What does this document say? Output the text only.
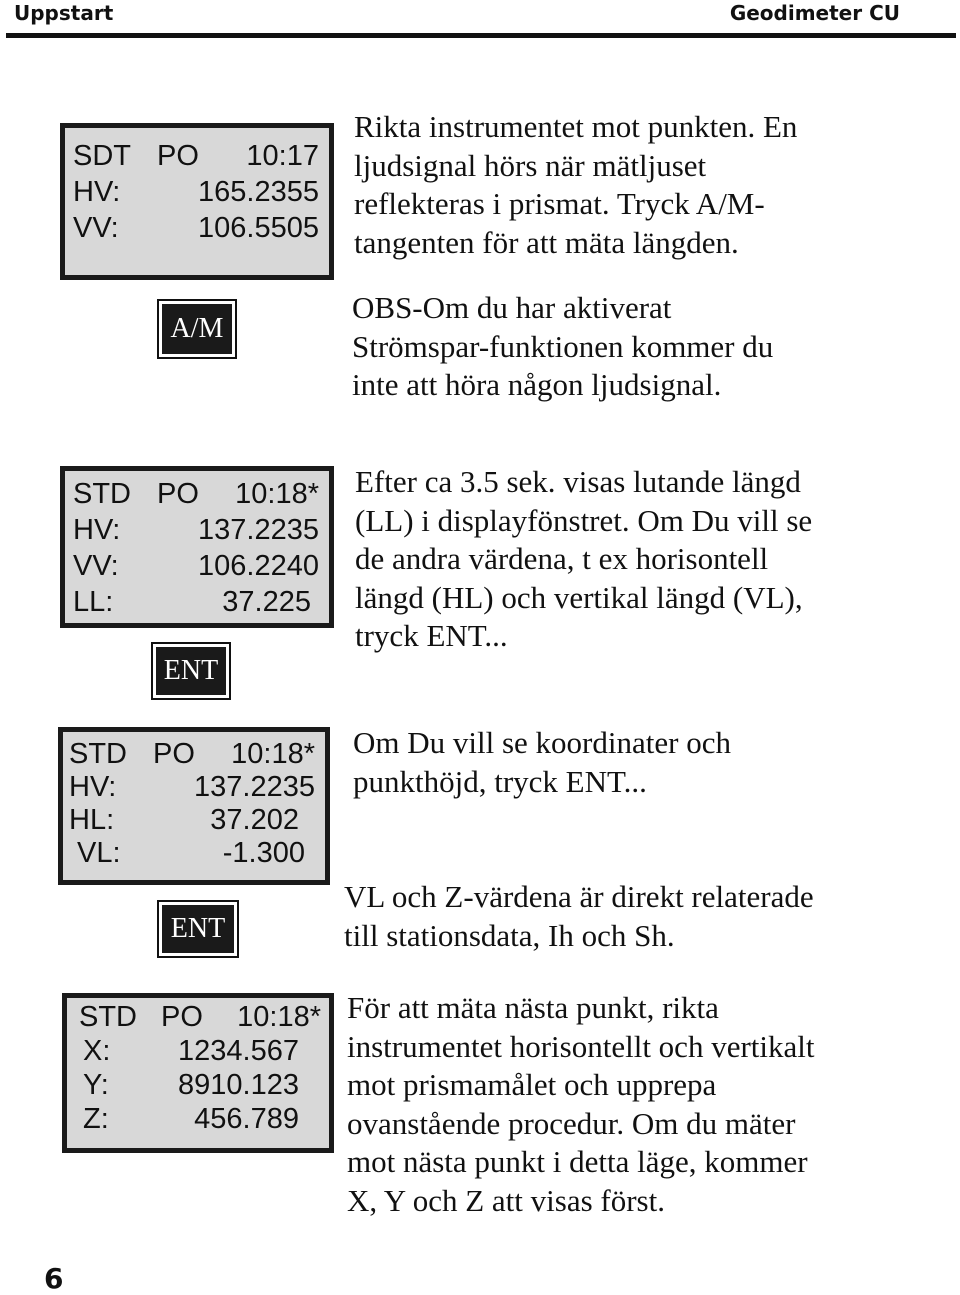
Uppstart	Geodimeter CU
SDT PO 10:17
HV:	165.2355
VV:	106.5505
A/M
STD PO 10:18*
HV:	137.2235
VV:	106.2240
LL:	37.225
ENT
STD PO 10:18*
HV:	137.2235
HL:	37.202
VL:	-1.300
ENT
STD PO 10:18*
X: 1234.567
Y: 8910.123
Z:	456.789
Rikta instrumentet mot punkten. En
ljudsignal hörs när mätljuset
reflekteras i prismat. Tryck A/M-
tangenten för att mäta längden.
OBS-Om du har aktiverat
Strömspar-funktionen kommer du
inte att höra någon ljudsignal.
Efter ca 3.5 sek. visas lutande längd
(LL) i displayfönstret. Om Du vill se
de andra värdena, t ex horisontell
längd (HL) och vertikal längd (VL),
tryck ENT...
Om Du vill se koordinater och
punkthöjd, tryck ENT...
VL och Z-värdena är direkt relaterade
till stationsdata, Ih och Sh.
För att mäta nästa punkt, rikta
instrumentet horisontellt och vertikalt
mot prismamålet och upprepa
ovanstående procedur. Om du mäter
mot nästa punkt i detta läge, kommer
X, Y och Z att visas först.
6
